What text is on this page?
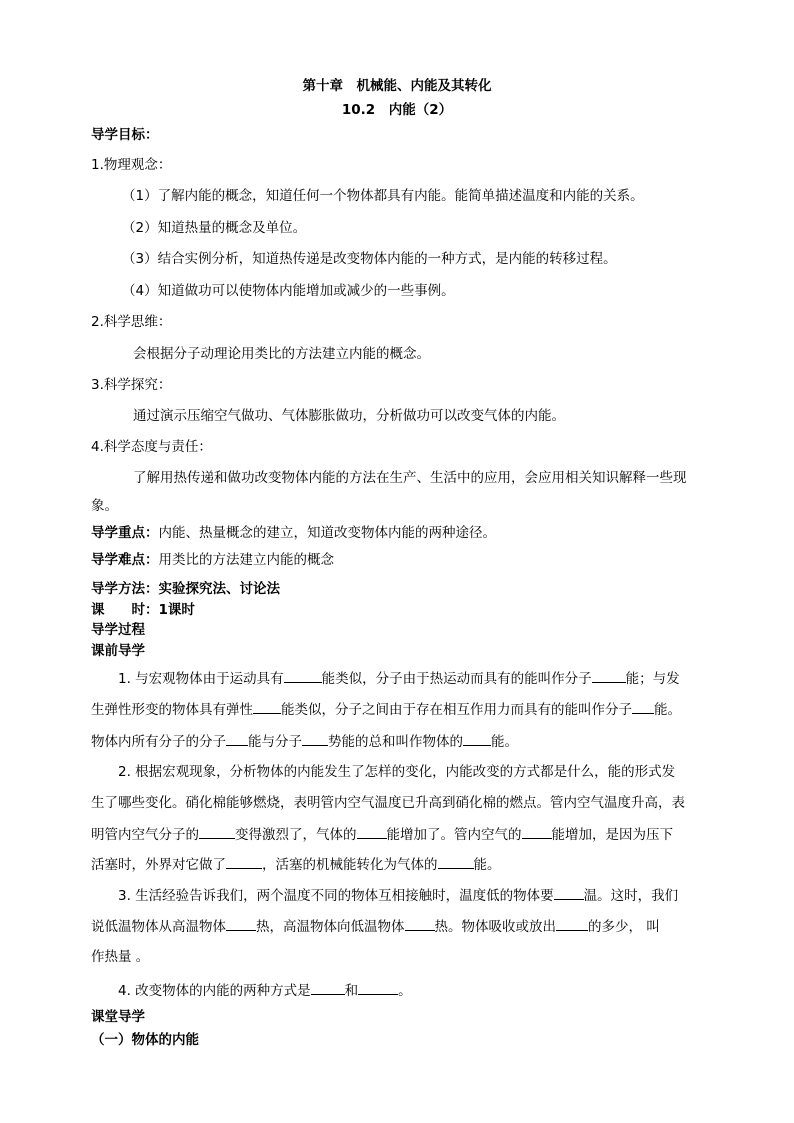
第十章　机械能、内能及其转化
10.2　内能（2）
导学目标：
1.物理观念：
（1）了解内能的概念，知道任何一个物体都具有内能。能简单描述温度和内能的关系。
（2）知道热量的概念及单位。
（3）结合实例分析，知道热传递是改变物体内能的一种方式，是内能的转移过程。
（4）知道做功可以使物体内能增加或减少的一些事例。
2.科学思维：
会根据分子动理论用类比的方法建立内能的概念。
3.科学探究：
通过演示压缩空气做功、气体膨胀做功，分析做功可以改变气体的内能。
4.科学态度与责任：
了解用热传递和做功改变物体内能的方法在生产、生活中的应用，会应用相关知识解释一些现
象。
导学重点：内能、热量概念的建立，知道改变物体内能的两种途径。
导学难点：用类比的方法建立内能的概念
导学方法：实验探究法、讨论法
课　　时：1课时
导学过程
课前导学
1. 与宏观物体由于运动具有	能类似，分子由于热运动而具有的能叫作分子	能；与发
生弹性形变的物体具有弹性 能类似，分子之间由于存在相互作用力而具有的能叫作分子 能。
物体内所有分子的分子 能与分子 势能的总和叫作物体的 能。
2. 根据宏观现象，分析物体的内能发生了怎样的变化，内能改变的方式都是什么，能的形式发
生了哪些变化。硝化棉能够燃烧，表明管内空气温度已升高到硝化棉的燃点。管内空气温度升高，表
明管内空气分子的	变得激烈了，气体的 能增加了。管内空气的 能增加，是因为压下
活塞时，外界对它做了	，活塞的机械能转化为气体的	能。
3. 生活经验告诉我们，两个温度不同的物体互相接触时，温度低的物体要 温。这时，我们
说低温物体从高温物体 热，高温物体向低温物体 热。物体吸收或放出 的多少， 叫
作热量 。
4. 改变物体的内能的两种方式是	和	。
课堂导学
（一）物体的内能
